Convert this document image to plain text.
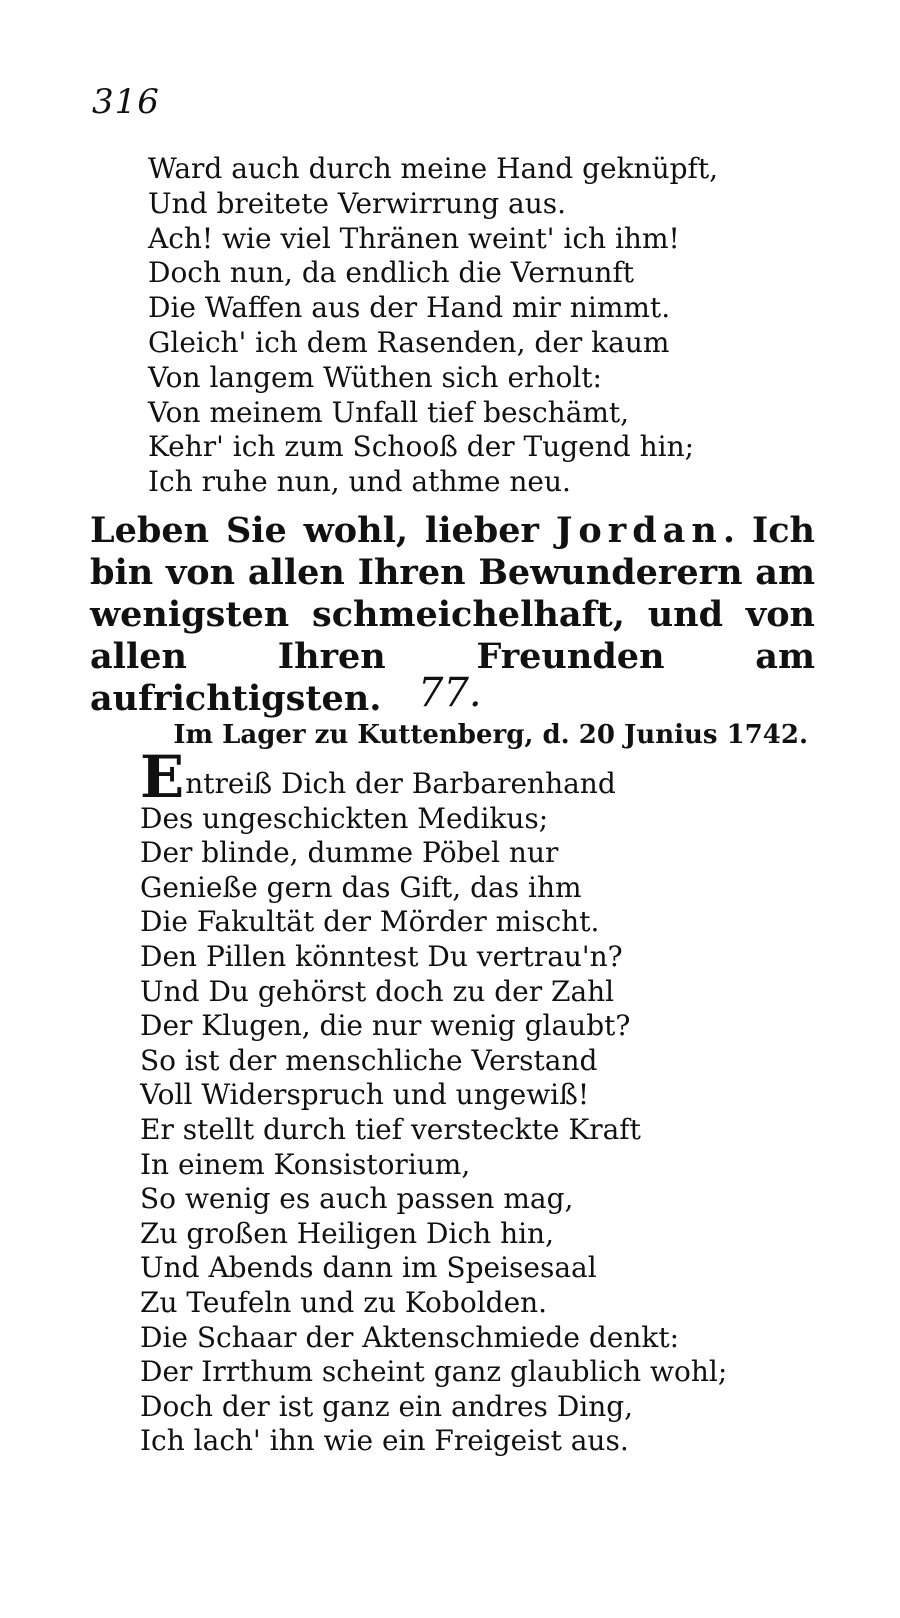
316
Ward auch durch meine Hand geknüpft,
Und breitete Verwirrung aus.
Ach! wie viel Thränen weint' ich ihm!
Doch nun, da endlich die Vernunft
Die Waffen aus der Hand mir nimmt.
Gleich' ich dem Rasenden, der kaum
Von langem Wüthen sich erholt:
Von meinem Unfall tief beschämt,
Kehr' ich zum Schooß der Tugend hin;
Ich ruhe nun, und athme neu.

Leben Sie wohl, lieber Jordan. Ich bin von allen Ihren Bewunderern am wenigsten schmeichelhaft, und von allen Ihren Freunden am aufrichtigsten. 77.
Im Lager zu Kuttenberg, d. 20 Junius 1742.
Entreiß Dich der Barbarenhand
Des ungeschickten Medikus;
Der blinde, dumme Pöbel nur
Genieße gern das Gift, das ihm
Die Fakultät der Mörder mischt.
Den Pillen könntest Du vertrau'n?
Und Du gehörst doch zu der Zahl
Der Klugen, die nur wenig glaubt?
So ist der menschliche Verstand
Voll Widerspruch und ungewiß!
Er stellt durch tief versteckte Kraft
In einem Konsistorium,
So wenig es auch passen mag,
Zu großen Heiligen Dich hin,
Und Abends dann im Speisesaal
Zu Teufeln und zu Kobolden.
Die Schaar der Aktenschmiede denkt:
Der Irrthum scheint ganz glaublich wohl;
Doch der ist ganz ein andres Ding,
Ich lach' ihn wie ein Freigeist aus.
